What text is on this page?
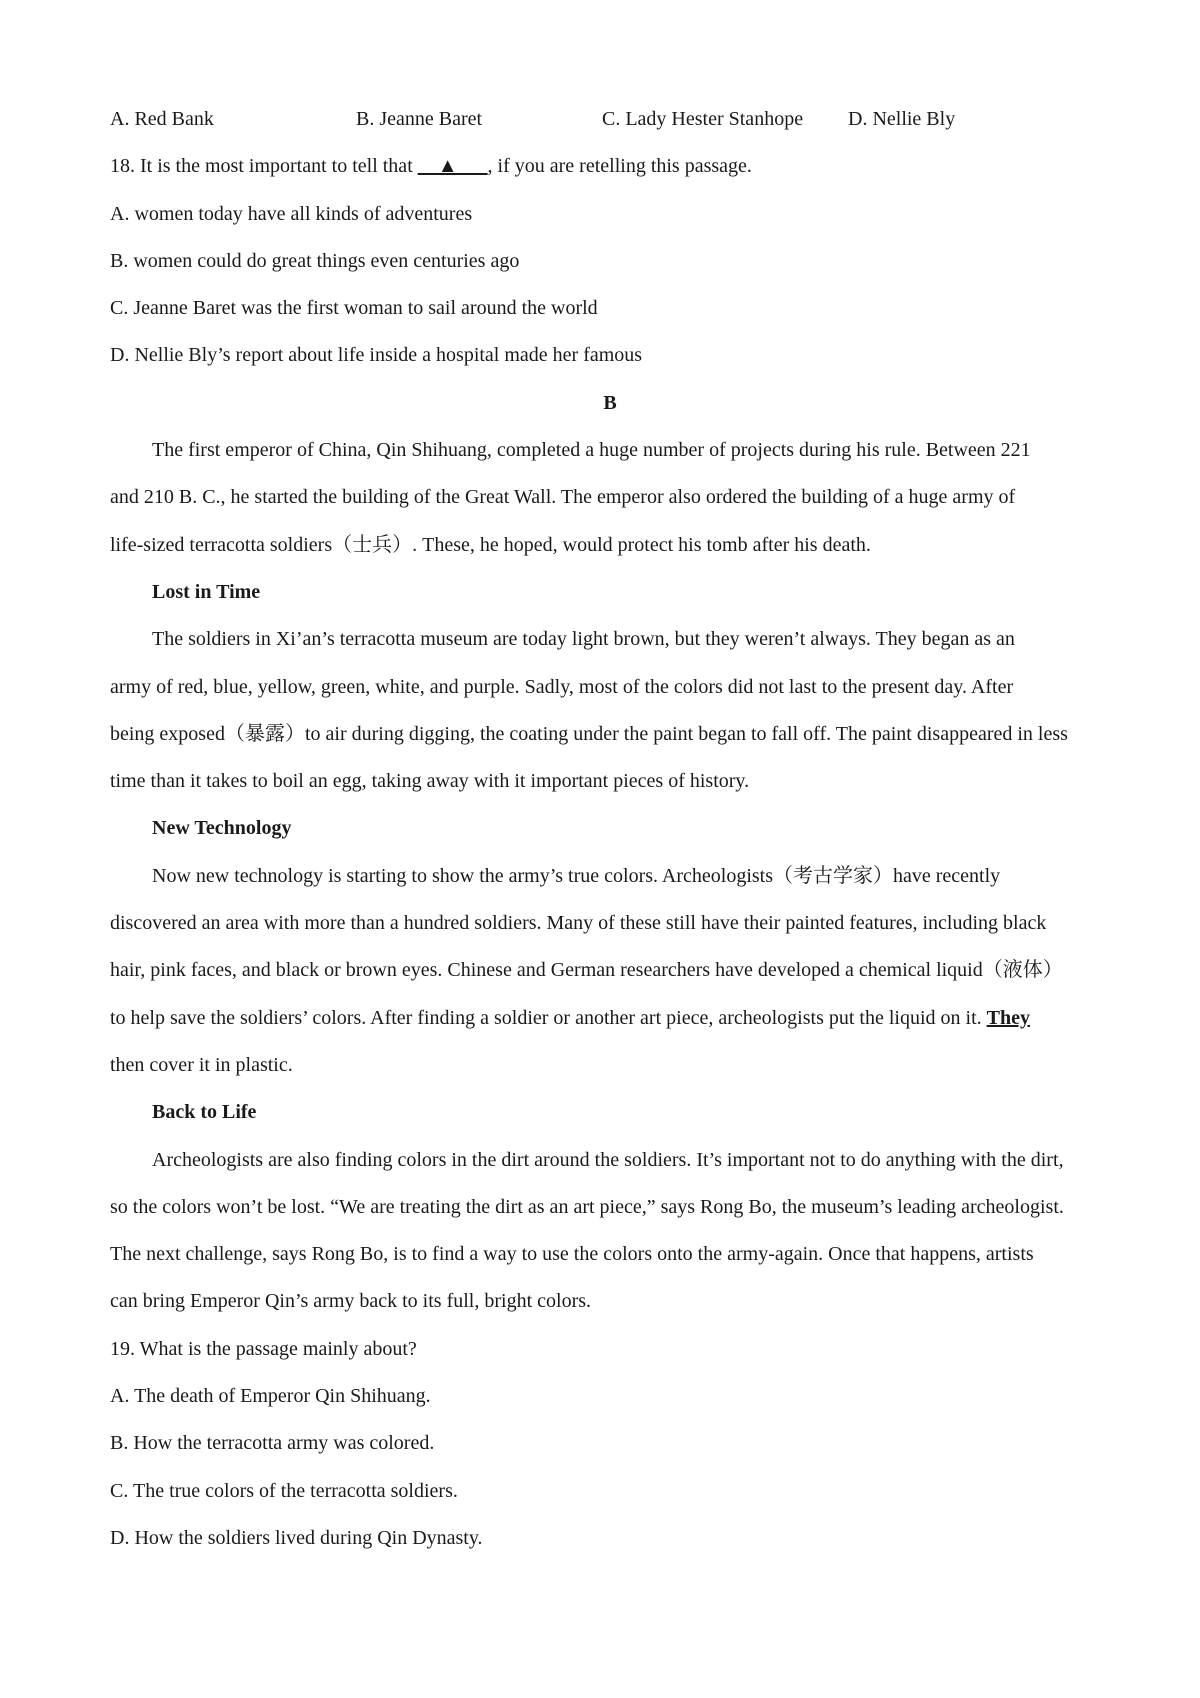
A. Red Bank	B. Jeanne Baret	C. Lady Hester Stanhope D. Nellie Bly
18. It is the most important to tell that __▲___, if you are retelling this passage.
A. women today have all kinds of adventures
B. women could do great things even centuries ago
C. Jeanne Baret was the first woman to sail around the world
D. Nellie Bly’s report about life inside a hospital made her famous
B
The first emperor of China, Qin Shihuang, completed a huge number of projects during his rule. Between 221
and 210 B. C., he started the building of the Great Wall. The emperor also ordered the building of a huge army of
life-sized terracotta soldiers（士兵）. These, he hoped, would protect his tomb after his death.
Lost in Time
The soldiers in Xi’an’s terracotta museum are today light brown, but they weren’t always. They began as an
army of red, blue, yellow, green, white, and purple. Sadly, most of the colors did not last to the present day. After
being exposed（暴露）to air during digging, the coating under the paint began to fall off. The paint disappeared in less
time than it takes to boil an egg, taking away with it important pieces of history.
New Technology
Now new technology is starting to show the army’s true colors. Archeologists（考古学家）have recently
discovered an area with more than a hundred soldiers. Many of these still have their painted features, including black
hair, pink faces, and black or brown eyes. Chinese and German researchers have developed a chemical liquid（液体）
to help save the soldiers’ colors. After finding a soldier or another art piece, archeologists put the liquid on it. They
then cover it in plastic.
Back to Life
Archeologists are also finding colors in the dirt around the soldiers. It’s important not to do anything with the dirt,
so the colors won’t be lost. “We are treating the dirt as an art piece,” says Rong Bo, the museum’s leading archeologist.
The next challenge, says Rong Bo, is to find a way to use the colors onto the army-again. Once that happens, artists
can bring Emperor Qin’s army back to its full, bright colors.
19. What is the passage mainly about?
A. The death of Emperor Qin Shihuang.
B. How the terracotta army was colored.
C. The true colors of the terracotta soldiers.
D. How the soldiers lived during Qin Dynasty.
